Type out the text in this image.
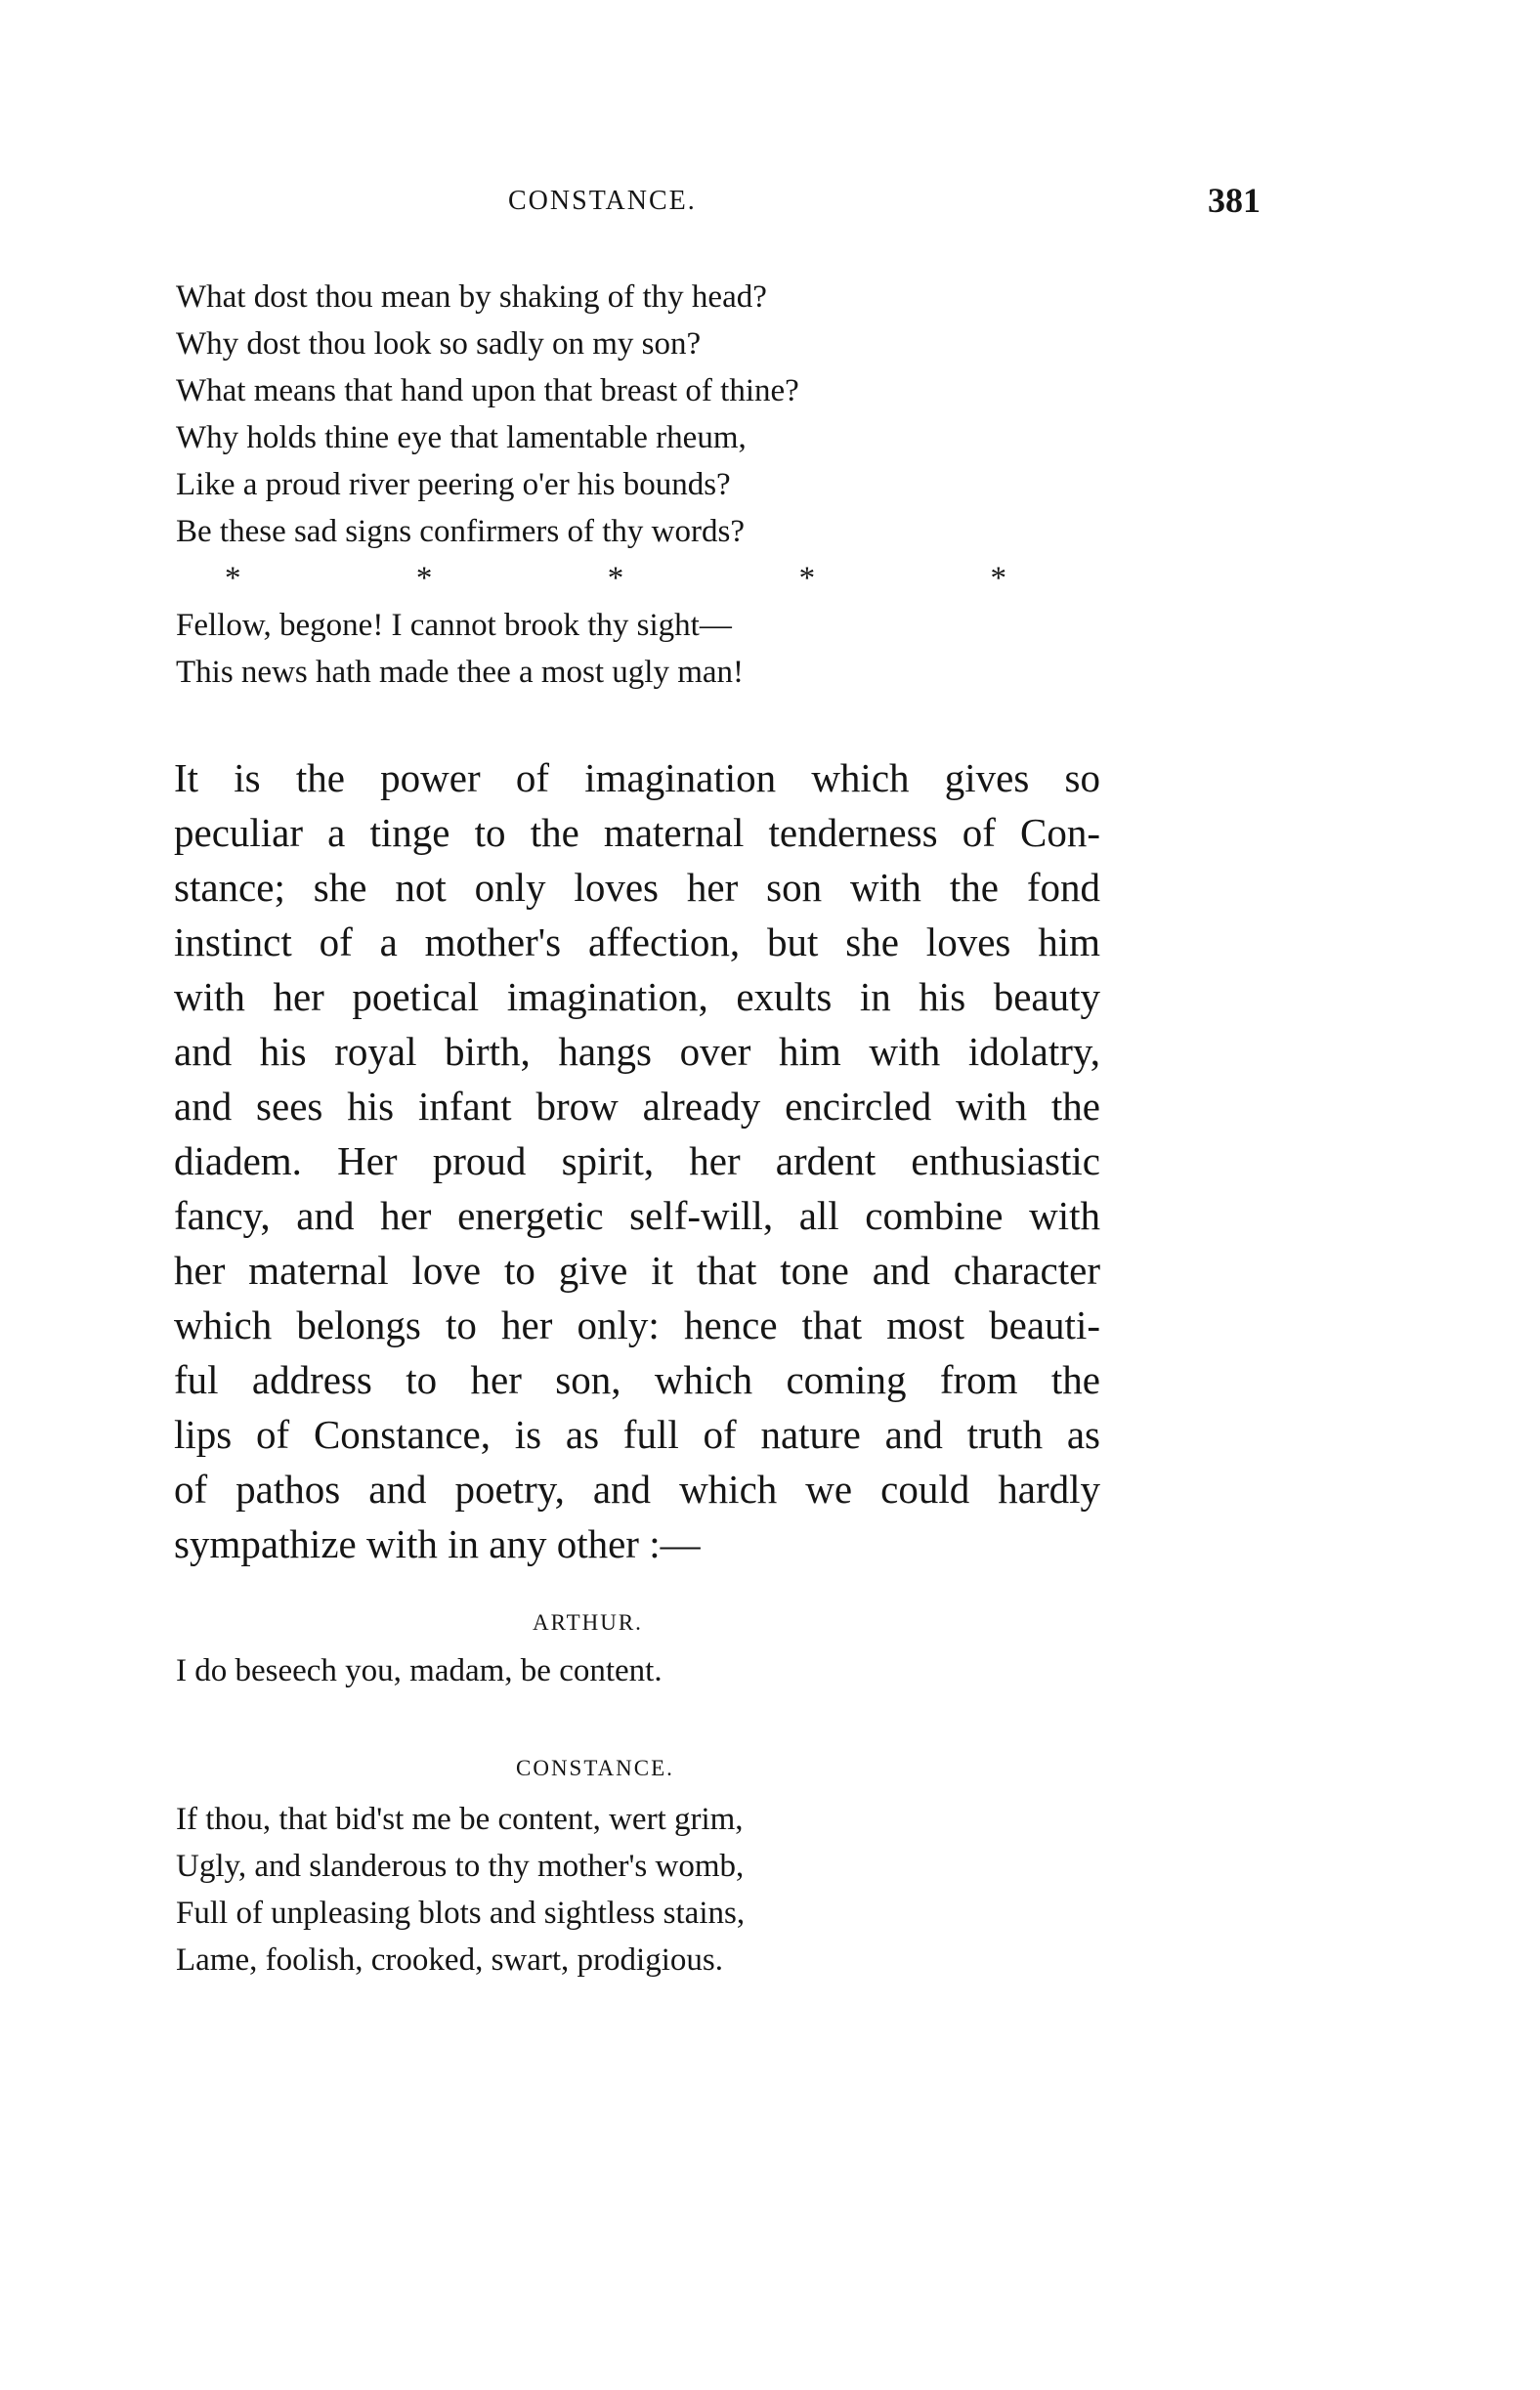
CONSTANCE.	381
What dost thou mean by shaking of thy head?
Why dost thou look so sadly on my son?
What means that hand upon that breast of thine?
Why holds thine eye that lamentable rheum,
Like a proud river peering o'er his bounds?
Be these sad signs confirmers of thy words?
*	*	*	*	*
Fellow, begone! I cannot brook thy sight—
This news hath made thee a most ugly man!
It is the power of imagination which gives so
peculiar a tinge to the maternal tenderness of Con-
stance; she not only loves her son with the fond
instinct of a mother's affection, but she loves him
with her poetical imagination, exults in his beauty
and his royal birth, hangs over him with idolatry,
and sees his infant brow already encircled with the
diadem. Her proud spirit, her ardent enthusiastic
fancy, and her energetic self-will, all combine with
her maternal love to give it that tone and character
which belongs to her only: hence that most beauti-
ful address to her son, which coming from the
lips of Constance, is as full of nature and truth as
of pathos and poetry, and which we could hardly
sympathize with in any other :—
ARTHUR.
I do beseech you, madam, be content.
CONSTANCE.
If thou, that bid'st me be content, wert grim,
Ugly, and slanderous to thy mother's womb,
Full of unpleasing blots and sightless stains,
Lame, foolish, crooked, swart, prodigious.
